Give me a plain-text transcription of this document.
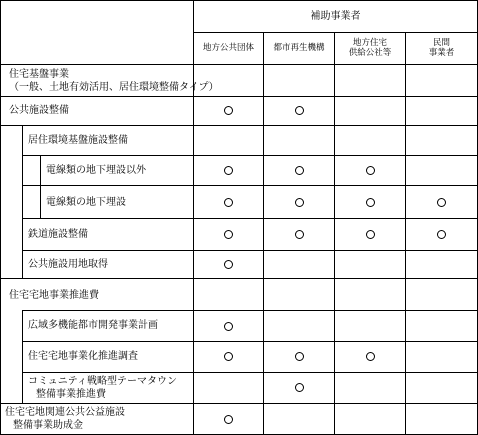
補助事業者
地方公共団体	都市再生機構	地方住宅
供給公社等
民間
事業者
住宅基盤事業
（一般、土地有効活用、居住環境整備タイプ）
公共施設整備
居住環境基盤施設整備
電線類の地下埋設以外
電線類の地下埋設
鉄道施設整備
公共施設用地取得
住宅宅地事業推進費
広域多機能都市開発事業計画
住宅宅地事業化推進調査
コミュニティ戦略型テーマタウン
整備事業推進費
住宅宅地関連公共公益施設
整備事業助成金
